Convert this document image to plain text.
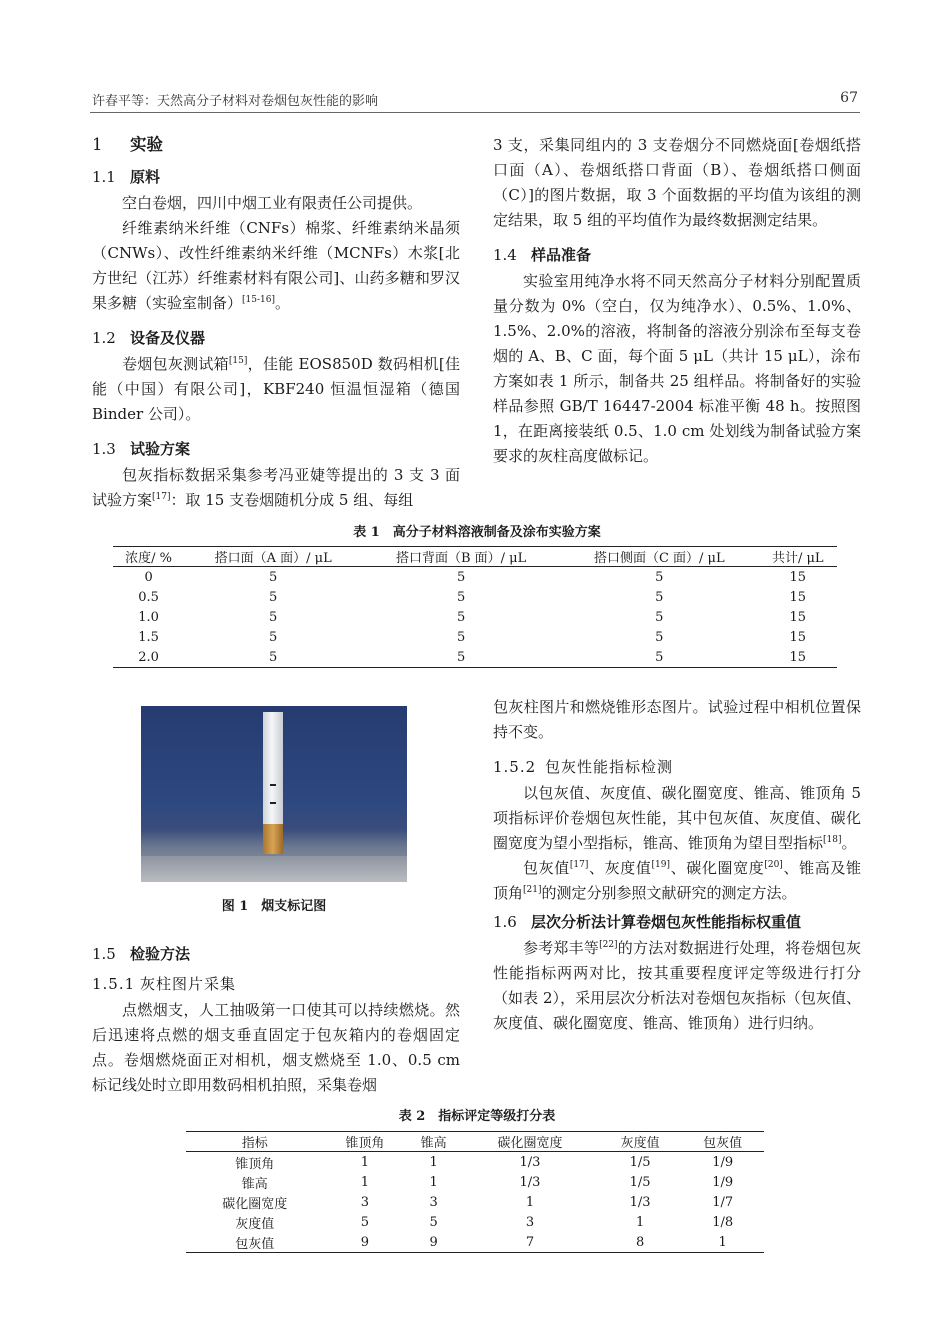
许春平等：天然高分子材料对卷烟包灰性能的影响	67
1 实验
1.1 原料

空白卷烟，四川中烟工业有限责任公司提供。

纤维素纳米纤维（CNFs）棉浆、纤维素纳米晶须（CNWs）、改性纤维素纳米纤维（MCNFs）木浆[北方世纪（江苏）纤维素材料有限公司]、山药多糖和罗汉果多糖（实验室制备）[15-16]。

1.2 设备及仪器

卷烟包灰测试箱[15]，佳能 EOS850D 数码相机[佳能（中国）有限公司]，KBF240 恒温恒湿箱（德国 Binder 公司）。

1.3 试验方案

包灰指标数据采集参考冯亚婕等提出的 3 支 3 面试验方案[17]：取 15 支卷烟随机分成 5 组、每组

3 支，采集同组内的 3 支卷烟分不同燃烧面[卷烟纸搭口面（A）、卷烟纸搭口背面（B）、卷烟纸搭口侧面（C）]的图片数据，取 3 个面数据的平均值为该组的测定结果，取 5 组的平均值作为最终数据测定结果。

1.4 样品准备

实验室用纯净水将不同天然高分子材料分别配置质量分数为 0%（空白，仅为纯净水）、0.5%、1.0%、1.5%、2.0%的溶液，将制备的溶液分别涂布至每支卷烟的 A、B、C 面，每个面 5 μL（共计 15 μL），涂布方案如表 1 所示，制备共 25 组样品。将制备好的实验样品参照 GB/T 16447-2004 标准平衡 48 h。按照图 1，在距离接装纸 0.5、1.0 cm 处划线为制备试验方案要求的灰柱高度做标记。

表 1　高分子材料溶液制备及涂布实验方案
浓度/ %	搭口面（A 面）/ μL	搭口背面（B 面）/ μL	搭口侧面（C 面）/ μL	共计/ μL
0	5	5	5	15
0.5	5	5	5	15
1.0	5	5	5	15
1.5	5	5	5	15
2.0	5	5	5	15
图 1　烟支标记图
1.5 检验方法
1.5.1 灰柱图片采集

点燃烟支，人工抽吸第一口使其可以持续燃烧。然后迅速将点燃的烟支垂直固定于包灰箱内的卷烟固定点。卷烟燃烧面正对相机，烟支燃烧至 1.0、0.5 cm 标记线处时立即用数码相机拍照，采集卷烟

包灰柱图片和燃烧锥形态图片。试验过程中相机位置保持不变。

1.5.2 包灰性能指标检测

以包灰值、灰度值、碳化圈宽度、锥高、锥顶角 5 项指标评价卷烟包灰性能，其中包灰值、灰度值、碳化圈宽度为望小型指标，锥高、锥顶角为望目型指标[18]。

包灰值[17]、灰度值[19]、碳化圈宽度[20]、锥高及锥顶角[21]的测定分别参照文献研究的测定方法。

1.6 层次分析法计算卷烟包灰性能指标权重值

参考郑丰等[22]的方法对数据进行处理，将卷烟包灰性能指标两两对比，按其重要程度评定等级进行打分（如表 2），采用层次分析法对卷烟包灰指标（包灰值、灰度值、碳化圈宽度、锥高、锥顶角）进行归纳。

表 2　指标评定等级打分表
指标	锥顶角	锥高	碳化圈宽度	灰度值	包灰值
锥顶角	1	1	1/3	1/5	1/9
锥高	1	1	1/3	1/5	1/9
碳化圈宽度	3	3	1	1/3	1/7
灰度值	5	5	3	1	1/8
包灰值	9	9	7	8	1
